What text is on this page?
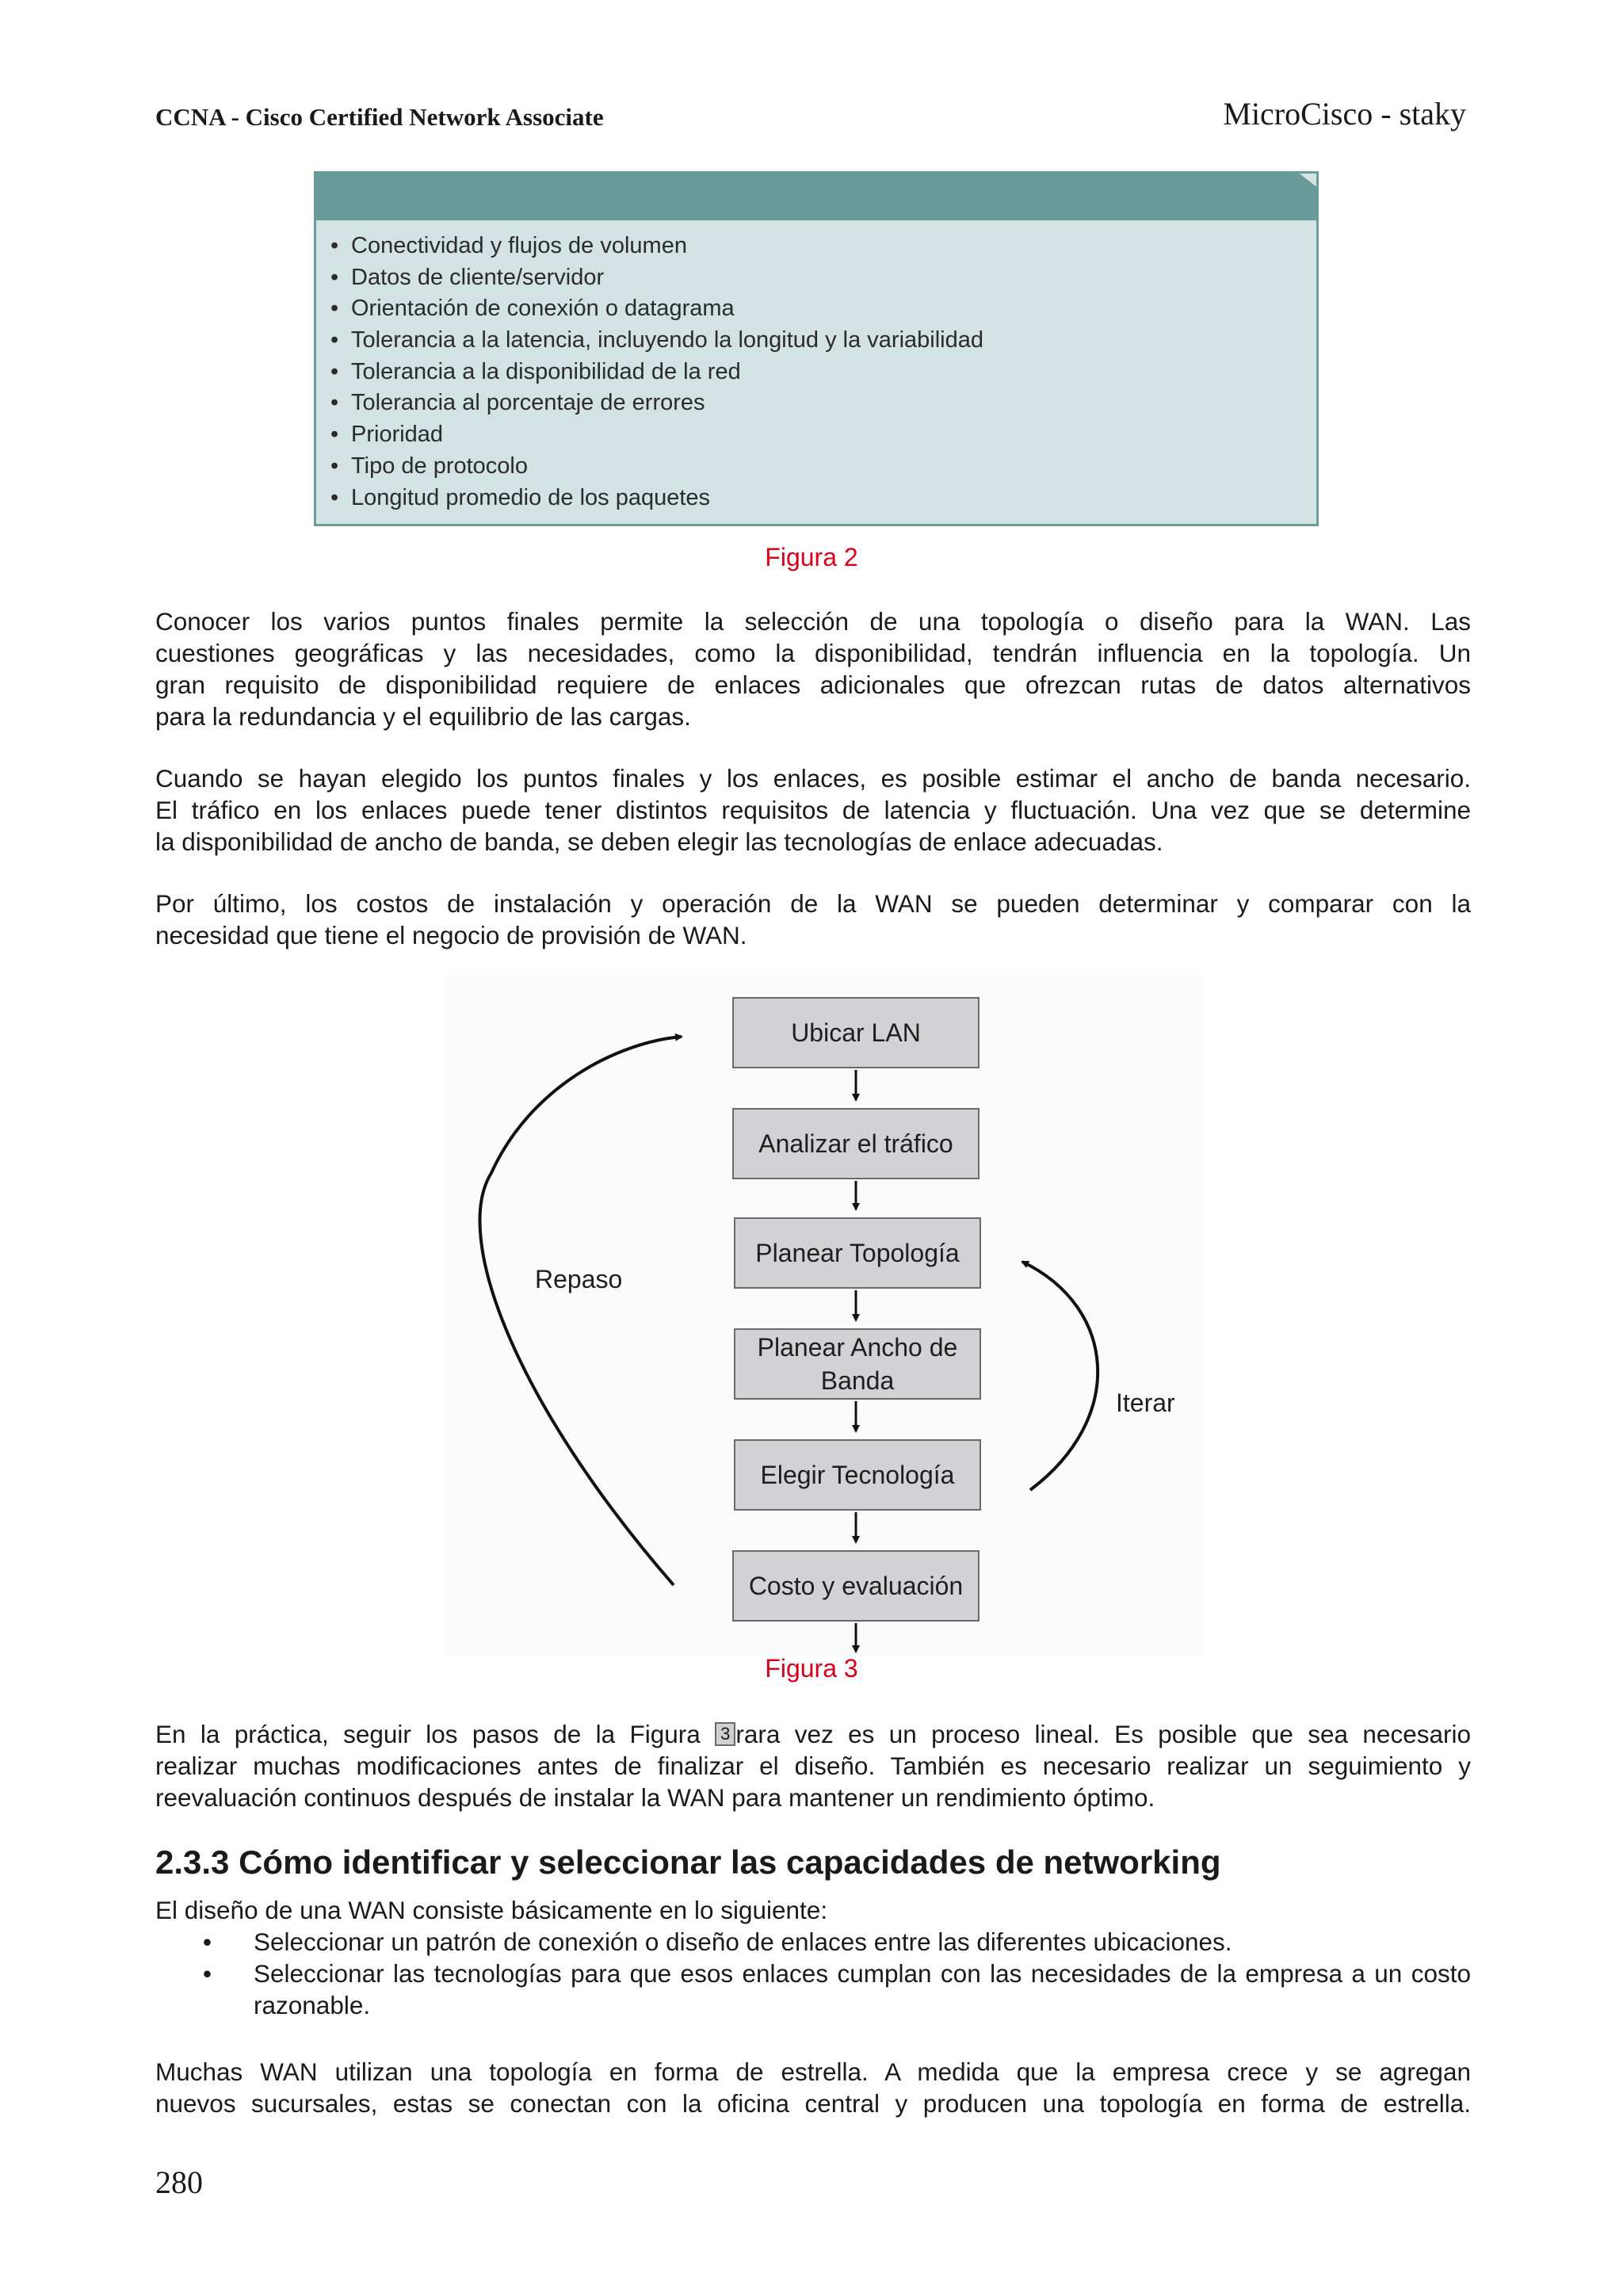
CCNA - Cisco Certified Network Associate	MicroCisco - staky
• Conectividad y flujos de volumen
• Datos de cliente/servidor
• Orientación de conexión o datagrama
• Tolerancia a la latencia, incluyendo la longitud y la variabilidad
• Tolerancia a la disponibilidad de la red
• Tolerancia al porcentaje de errores
• Prioridad
• Tipo de protocolo
• Longitud promedio de los paquetes
Figura 2
Conocer los varios puntos finales permite la selección de una topología o diseño para la WAN. Las
cuestiones geográficas y las necesidades, como la disponibilidad, tendrán influencia en la topología. Un
gran requisito de disponibilidad requiere de enlaces adicionales que ofrezcan rutas de datos alternativos
para la redundancia y el equilibrio de las cargas.
Cuando se hayan elegido los puntos finales y los enlaces, es posible estimar el ancho de banda necesario.
El tráfico en los enlaces puede tener distintos requisitos de latencia y fluctuación. Una vez que se determine
la disponibilidad de ancho de banda, se deben elegir las tecnologías de enlace adecuadas.
Por último, los costos de instalación y operación de la WAN se pueden determinar y comparar con la
necesidad que tiene el negocio de provisión de WAN.
Ubicar LAN
Analizar el tráfico
Planear Topología
Planear Ancho de Banda
Elegir Tecnología
Costo y evaluación
Repaso
Iterar
Figura 3
En la práctica, seguir los pasos de la Figura 3 rara vez es un proceso lineal. Es posible que sea necesario
realizar muchas modificaciones antes de finalizar el diseño. También es necesario realizar un seguimiento y
reevaluación continuos después de instalar la WAN para mantener un rendimiento óptimo.
2.3.3 Cómo identificar y seleccionar las capacidades de networking
El diseño de una WAN consiste básicamente en lo siguiente:
• Seleccionar un patrón de conexión o diseño de enlaces entre las diferentes ubicaciones.
• Seleccionar las tecnologías para que esos enlaces cumplan con las necesidades de la empresa a un costo razonable.
Muchas WAN utilizan una topología en forma de estrella. A medida que la empresa crece y se agregan
nuevos sucursales, estas se conectan con la oficina central y producen una topología en forma de estrella.
280
